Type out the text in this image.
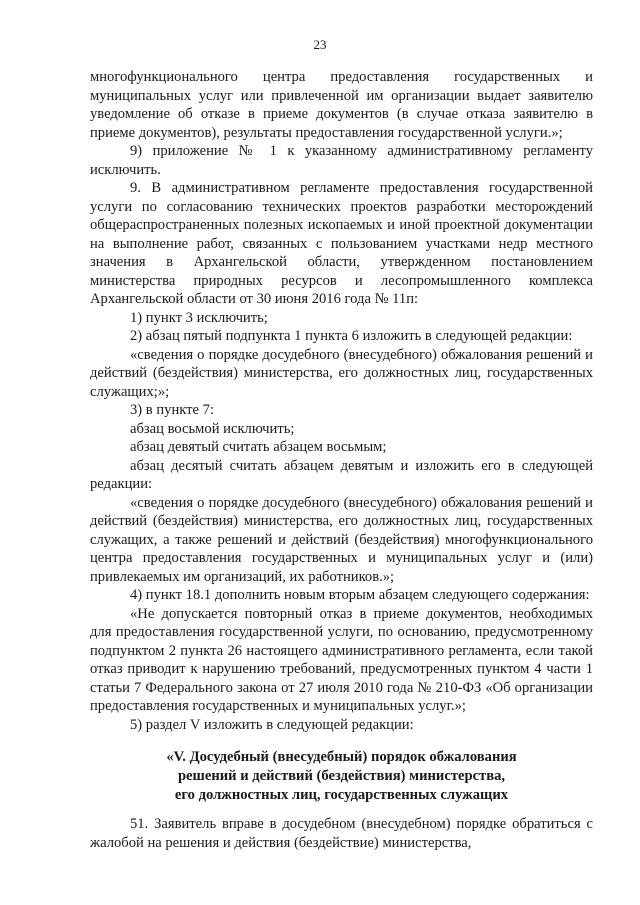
23

многофункционального центра предоставления государственных и муниципальных услуг или привлеченной им организации выдает заявителю уведомление об отказе в приеме документов (в случае отказа заявителю в приеме документов), результаты предоставления государственной услуги.»;

9) приложение № 1 к указанному административному регламенту исключить.

9. В административном регламенте предоставления государственной услуги по согласованию технических проектов разработки месторождений общераспространенных полезных ископаемых и иной проектной документации на выполнение работ, связанных с пользованием участками недр местного значения в Архангельской области, утвержденном постановлением министерства природных ресурсов и лесопромышленного комплекса Архангельской области от 30 июня 2016 года № 11п:

1) пункт 3 исключить;

2) абзац пятый подпункта 1 пункта 6 изложить в следующей редакции:

«сведения о порядке досудебного (внесудебного) обжалования решений и действий (бездействия) министерства, его должностных лиц, государственных служащих;»;

3) в пункте 7:

абзац восьмой исключить;

абзац девятый считать абзацем восьмым;

абзац десятый считать абзацем девятым и изложить его в следующей редакции:

«сведения о порядке досудебного (внесудебного) обжалования решений и действий (бездействия) министерства, его должностных лиц, государственных служащих, а также решений и действий (бездействия) многофункционального центра предоставления государственных и муниципальных услуг и (или) привлекаемых им организаций, их работников.»;

4) пункт 18.1 дополнить новым вторым абзацем следующего содержания:

«Не допускается повторный отказ в приеме документов, необходимых для предоставления государственной услуги, по основанию, предусмотренному подпунктом 2 пункта 26 настоящего административного регламента, если такой отказ приводит к нарушению требований, предусмотренных пунктом 4 части 1 статьи 7 Федерального закона от 27 июля 2010 года № 210-ФЗ «Об организации предоставления государственных и муниципальных услуг.»;

5) раздел V изложить в следующей редакции:

«V. Досудебный (внесудебный) порядок обжалования
решений и действий (бездействия) министерства,
его должностных лиц, государственных служащих

51. Заявитель вправе в досудебном (внесудебном) порядке обратиться с жалобой на решения и действия (бездействие) министерства,
